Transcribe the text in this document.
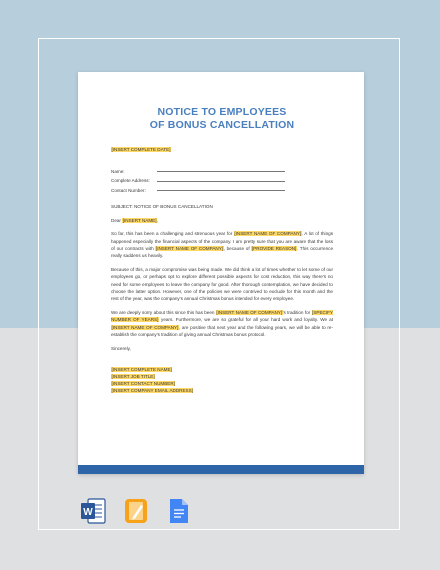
NOTICE TO EMPLOYEES
OF BONUS CANCELLATION
[INSERT COMPLETE DATE]
Name:
Complete Address:
Contact Number:
SUBJECT: NOTICE OF BONUS CANCELLATION
Dear [INSERT NAME],
So far, this has been a challenging and strenuous year for [INSERT NAME OF COMPANY]. A lot of things happened especially the financial aspects of the company. I am pretty sure that you are aware that the loss of our contracts with [INSERT NAME OF COMPANY], because of [PROVIDE REASON]. This occurrence really saddens us heavily.
Because of this, a major compromise was being made. We did think a lot of times whether to let some of our employees go, or perhaps opt to explore different possible aspects for cost reduction, this way there's no need for some employees to leave the company for good. After thorough contemplation, we have decided to choose the latter option. However, one of the policies we were contrived to exclude for this month and the rest of the year, was the company's annual Christmas bonus intended for every employee.
We are deeply sorry about this since this has been [INSERT NAME OF COMPANY]'s tradition for [SPECIFY NUMBER OF YEARS] years. Furthermore, we are so grateful for all your hard work and loyalty. We at [INSERT NAME OF COMPANY], are positive that next year and the following years, we will be able to re-establish the company's tradition of giving annual Christmas bonus protocol.
Sincerely,
[INSERT COMPLETE NAME]
[INSERT JOB TITLE]
[INSERT CONTACT NUMBER]
[INSERT COMPANY EMAIL ADDRESS]
W
